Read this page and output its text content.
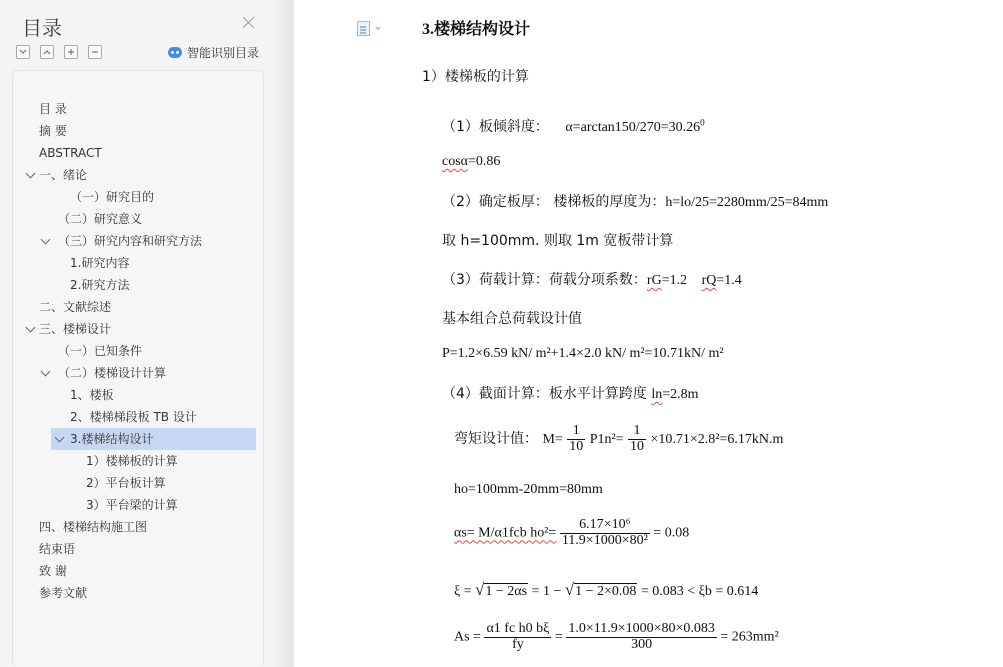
目录
智能识别目录
目 录
摘 要
ABSTRACT
一、绪论
（一）研究目的
（二）研究意义
（三）研究内容和研究方法
1.研究内容
2.研究方法
二、文献综述
三、楼梯设计
（一）已知条件
（二）楼梯设计计算
1、楼板
2、楼梯梯段板 TB 设计
3.楼梯结构设计
1）楼梯板的计算
2）平台板计算
3）平台梁的计算
四、楼梯结构施工图
结束语
致 谢
参考文献
3.楼梯结构设计
1）楼梯板的计算
（1）板倾斜度： $\alpha=\arctan 150/270=30.26^0$
cosα=0.86
（2）确定板厚： 楼梯板的厚度为：h=lo/25=2280mm/25=84mm
取 h=100mm. 则取 1m 宽板带计算
（3）荷载计算：荷载分项系数：rG=1.2 rQ=1.4
基本组合总荷载设计值
P=1.2×6.59 kN/ m²+1.4×2.0 kN/ m²=10.71kN/ m²
（4）截面计算：板水平计算跨度 ln=2.8m
弯矩设计值： $M= \frac{1}{10} P1n^2= \frac{1}{10} \times 10.71\times 2.8^2=6.17kN.m$
ho=100mm-20mm=80mm
αs= M/α1fcb $ho^2= \frac{\text{6.17×10⁶}}{\text{11.9×1000×80²}} = 0.08$
ξ = √1 − 2αs = 1 − √1 − 2×0.08 = 0.083 < ξb = 0.614
$As = \frac{\text{α1 fc h0 bξ}}{fy} = \frac{1.0\times 11.9\times 1000\times 80\times 0.083}{300} = 263mm^2$
